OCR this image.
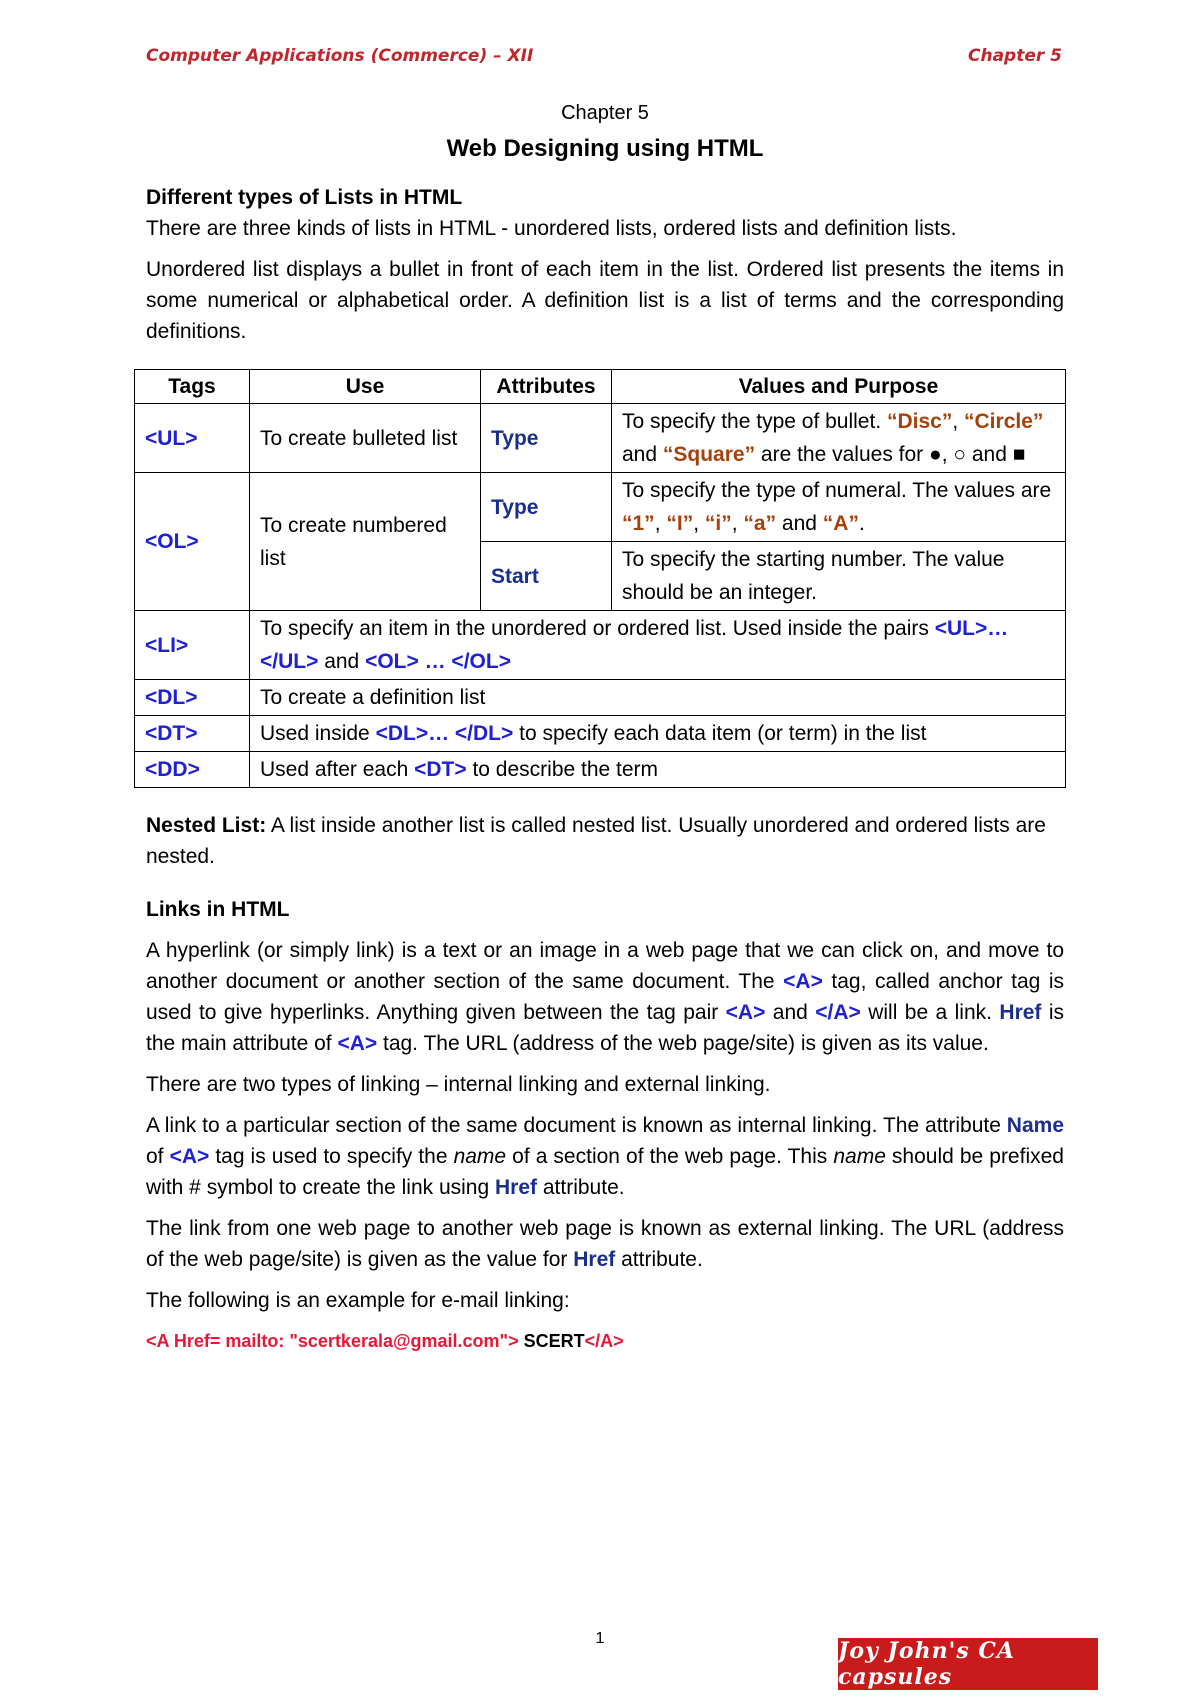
Computer Applications (Commerce) – XII	Chapter 5

Chapter 5

Web Designing using HTML

Different types of Lists in HTML

There are three kinds of lists in HTML - unordered lists, ordered lists and definition lists.

Unordered list displays a bullet in front of each item in the list. Ordered list presents the items in some numerical or alphabetical order. A definition list is a list of terms and the corresponding definitions.

Tags	Use	Attributes	Values and Purpose
<UL>	To create bulleted list	Type	To specify the type of bullet. “Disc”, “Circle” and “Square” are the values for ●, ○ and ■
<OL>	To create numbered list	Type	To specify the type of numeral. The values are “1”, “I”, “i”, “a” and “A”.
		Start	To specify the starting number. The value should be an integer.
<LI>	To specify an item in the unordered or ordered list. Used inside the pairs <UL>…</UL> and <OL> … </OL>		
<DL>	To create a definition list		
<DT>	Used inside <DL>… </DL> to specify each data item (or term) in the list		
<DD>	Used after each <DT> to describe the term		

Nested List: A list inside another list is called nested list. Usually unordered and ordered lists are nested.

Links in HTML

A hyperlink (or simply link) is a text or an image in a web page that we can click on, and move to another document or another section of the same document. The <A> tag, called anchor tag is used to give hyperlinks. Anything given between the tag pair <A> and </A> will be a link. Href is the main attribute of <A> tag. The URL (address of the web page/site) is given as its value.

There are two types of linking – internal linking and external linking.

A link to a particular section of the same document is known as internal linking. The attribute Name of <A> tag is used to specify the name of a section of the web page. This name should be prefixed with # symbol to create the link using Href attribute.

The link from one web page to another web page is known as external linking. The URL (address of the web page/site) is given as the value for Href attribute.

The following is an example for e-mail linking:

<A Href= mailto: "scertkerala@gmail.com"> SCERT</A>

1	Joy John's CA capsules
